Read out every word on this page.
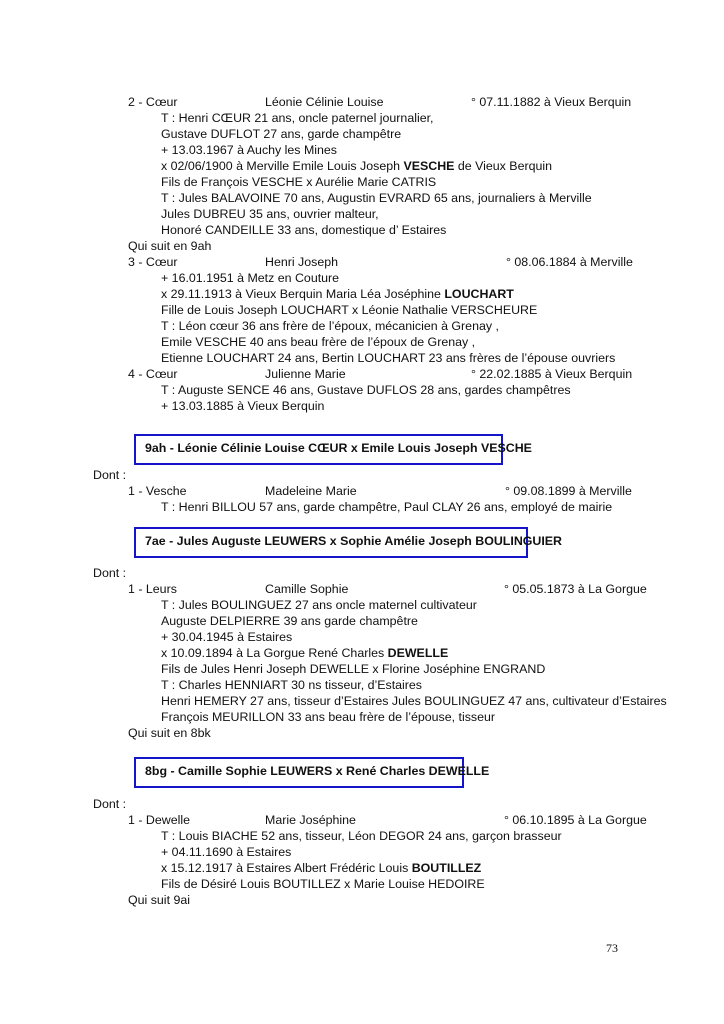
2 - Cœur	Léonie Célinie Louise	° 07.11.1882 à Vieux Berquin
T : Henri CŒUR 21 ans, oncle paternel journalier,
Gustave DUFLOT 27 ans, garde champêtre
+ 13.03.1967 à Auchy les Mines
x 02/06/1900 à Merville Emile Louis Joseph VESCHE de Vieux Berquin
Fils de François VESCHE x Aurélie Marie CATRIS
T : Jules BALAVOINE 70 ans, Augustin EVRARD 65 ans, journaliers à Merville
Jules DUBREU 35 ans, ouvrier malteur,
Honoré CANDEILLE 33 ans, domestique d’ Estaires
Qui suit en 9ah
3 - Cœur	Henri Joseph	° 08.06.1884 à Merville
+ 16.01.1951 à Metz en Couture
x 29.11.1913 à Vieux Berquin Maria Léa Joséphine LOUCHART
Fille de Louis Joseph LOUCHART x Léonie Nathalie VERSCHEURE
T : Léon cœur 36 ans frère de l’époux, mécanicien à Grenay ,
Emile VESCHE 40 ans beau frère de l’époux de Grenay ,
Etienne LOUCHART 24 ans, Bertin LOUCHART 23 ans frères de l’épouse ouvriers
4 - Cœur	Julienne Marie	° 22.02.1885 à Vieux Berquin
T : Auguste SENCE 46 ans, Gustave DUFLOS 28 ans, gardes champêtres
+ 13.03.1885 à Vieux Berquin
9ah - Léonie Célinie Louise CŒUR x Emile Louis Joseph VESCHE
Dont :
1 - Vesche	Madeleine Marie	° 09.08.1899 à Merville
T : Henri BILLOU 57 ans, garde champêtre, Paul CLAY 26 ans, employé de mairie
7ae - Jules Auguste LEUWERS x Sophie Amélie Joseph BOULINGUIER
Dont :
1 - Leurs	Camille Sophie	° 05.05.1873 à La Gorgue
T : Jules BOULINGUEZ 27 ans oncle maternel cultivateur
Auguste DELPIERRE 39 ans garde champêtre
+ 30.04.1945 à Estaires
x 10.09.1894 à La Gorgue René Charles DEWELLE
Fils de Jules Henri Joseph DEWELLE x Florine Joséphine ENGRAND
T : Charles HENNIART 30 ns tisseur, d’Estaires
Henri HEMERY 27 ans, tisseur d’Estaires Jules BOULINGUEZ 47 ans, cultivateur d’Estaires
François MEURILLON 33 ans beau frère de l’épouse, tisseur
Qui suit en 8bk
8bg - Camille Sophie LEUWERS x René Charles DEWELLE
Dont :
1 - Dewelle	Marie Joséphine	° 06.10.1895 à La Gorgue
T : Louis BIACHE 52 ans, tisseur, Léon DEGOR 24 ans, garçon brasseur
+ 04.11.1690 à Estaires
x 15.12.1917 à Estaires Albert Frédéric Louis BOUTILLEZ
Fils de Désiré Louis BOUTILLEZ x Marie Louise HEDOIRE
Qui suit 9ai
73
